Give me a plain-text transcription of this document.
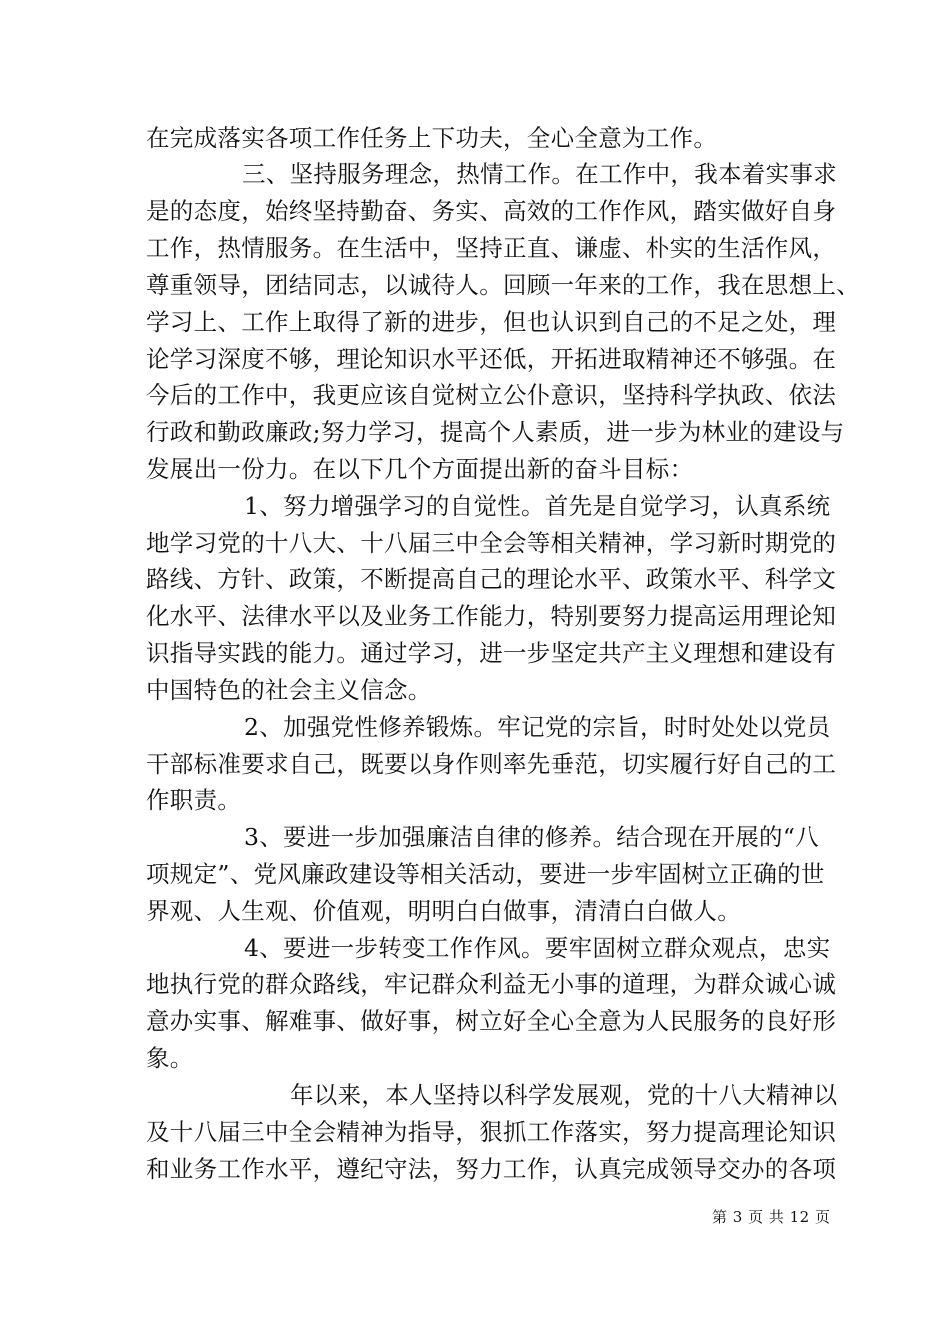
在完成落实各项工作任务上下功夫，全心全意为工作。
三、坚持服务理念，热情工作。在工作中，我本着实事求
是的态度，始终坚持勤奋、务实、高效的工作作风，踏实做好自身
工作，热情服务。在生活中，坚持正直、谦虚、朴实的生活作风，
尊重领导，团结同志，以诚待人。回顾一年来的工作，我在思想上、
学习上、工作上取得了新的进步，但也认识到自己的不足之处，理
论学习深度不够，理论知识水平还低，开拓进取精神还不够强。在
今后的工作中，我更应该自觉树立公仆意识，坚持科学执政、依法
行政和勤政廉政;努力学习，提高个人素质，进一步为林业的建设与
发展出一份力。在以下几个方面提出新的奋斗目标：
1、努力增强学习的自觉性。首先是自觉学习，认真系统
地学习党的十八大、十八届三中全会等相关精神，学习新时期党的
路线、方针、政策，不断提高自己的理论水平、政策水平、科学文
化水平、法律水平以及业务工作能力，特别要努力提高运用理论知
识指导实践的能力。通过学习，进一步坚定共产主义理想和建设有
中国特色的社会主义信念。
2、加强党性修养锻炼。牢记党的宗旨，时时处处以党员
干部标准要求自己，既要以身作则率先垂范，切实履行好自己的工
作职责。
3、要进一步加强廉洁自律的修养。结合现在开展的“八
项规定”、党风廉政建设等相关活动，要进一步牢固树立正确的世
界观、人生观、价值观，明明白白做事，清清白白做人。
4、要进一步转变工作作风。要牢固树立群众观点，忠实
地执行党的群众路线，牢记群众利益无小事的道理，为群众诚心诚
意办实事、解难事、做好事，树立好全心全意为人民服务的良好形
象。
年以来，本人坚持以科学发展观，党的十八大精神以
及十八届三中全会精神为指导，狠抓工作落实，努力提高理论知识
和业务工作水平，遵纪守法，努力工作，认真完成领导交办的各项
第 3 页 共 12 页
